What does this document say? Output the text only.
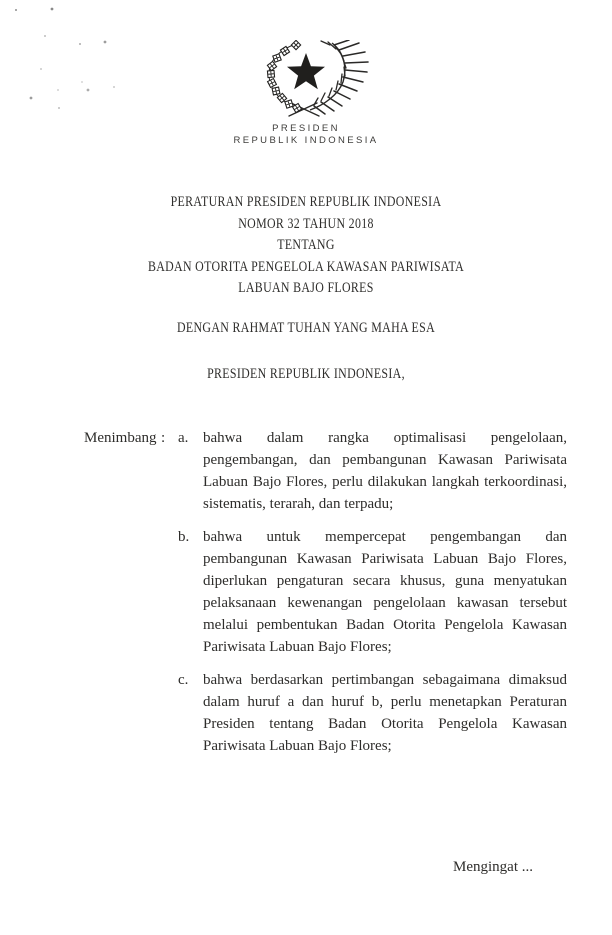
PRESIDEN
REPUBLIK INDONESIA
PERATURAN PRESIDEN REPUBLIK INDONESIA
NOMOR 32 TAHUN 2018
TENTANG
BADAN OTORITA PENGELOLA KAWASAN PARIWISATA
LABUAN BAJO FLORES
DENGAN RAHMAT TUHAN YANG MAHA ESA
PRESIDEN REPUBLIK INDONESIA,
Menimbang : a. bahwa dalam rangka optimalisasi pengelolaan, pengembangan, dan pembangunan Kawasan Pariwisata Labuan Bajo Flores, perlu dilakukan langkah terkoordinasi, sistematis, terarah, dan terpadu;

b. bahwa untuk mempercepat pengembangan dan pembangunan Kawasan Pariwisata Labuan Bajo Flores, diperlukan pengaturan secara khusus, guna menyatukan pelaksanaan kewenangan pengelolaan kawasan tersebut melalui pembentukan Badan Otorita Pengelola Kawasan Pariwisata Labuan Bajo Flores;

c. bahwa berdasarkan pertimbangan sebagaimana dimaksud dalam huruf a dan huruf b, perlu menetapkan Peraturan Presiden tentang Badan Otorita Pengelola Kawasan Pariwisata Labuan Bajo Flores;

Mengingat ...
